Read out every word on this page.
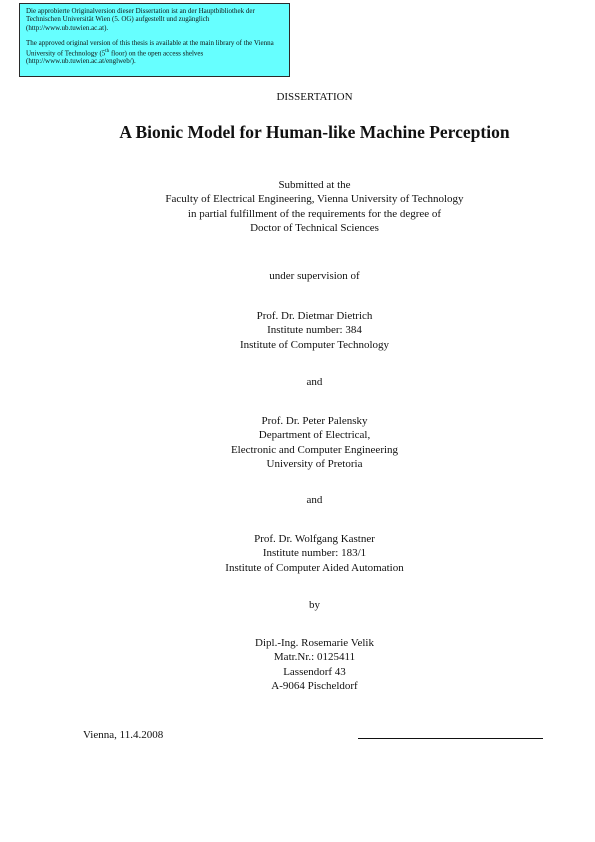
Die approbierte Originalversion dieser Dissertation ist an der Hauptbibliothek der Technischen Universität Wien (5. OG) aufgestellt und zugänglich (http://www.ub.tuwien.ac.at).

The approved original version of this thesis is available at the main library of the Vienna University of Technology (5th floor) on the open access shelves (http://www.ub.tuwien.ac.at/englweb/).

DISSERTATION

A Bionic Model for Human-like Machine Perception

Submitted at the

Faculty of Electrical Engineering, Vienna University of Technology

in partial fulfillment of the requirements for the degree of

Doctor of Technical Sciences

under supervision of

Prof. Dr. Dietmar Dietrich

Institute number: 384

Institute of Computer Technology

and

Prof. Dr. Peter Palensky

Department of Electrical,

Electronic and Computer Engineering

University of Pretoria

and

Prof. Dr. Wolfgang Kastner

Institute number: 183/1

Institute of Computer Aided Automation

by

Dipl.-Ing. Rosemarie Velik

Matr.Nr.: 0125411

Lassendorf 43

A-9064 Pischeldorf

Vienna, 11.4.2008
